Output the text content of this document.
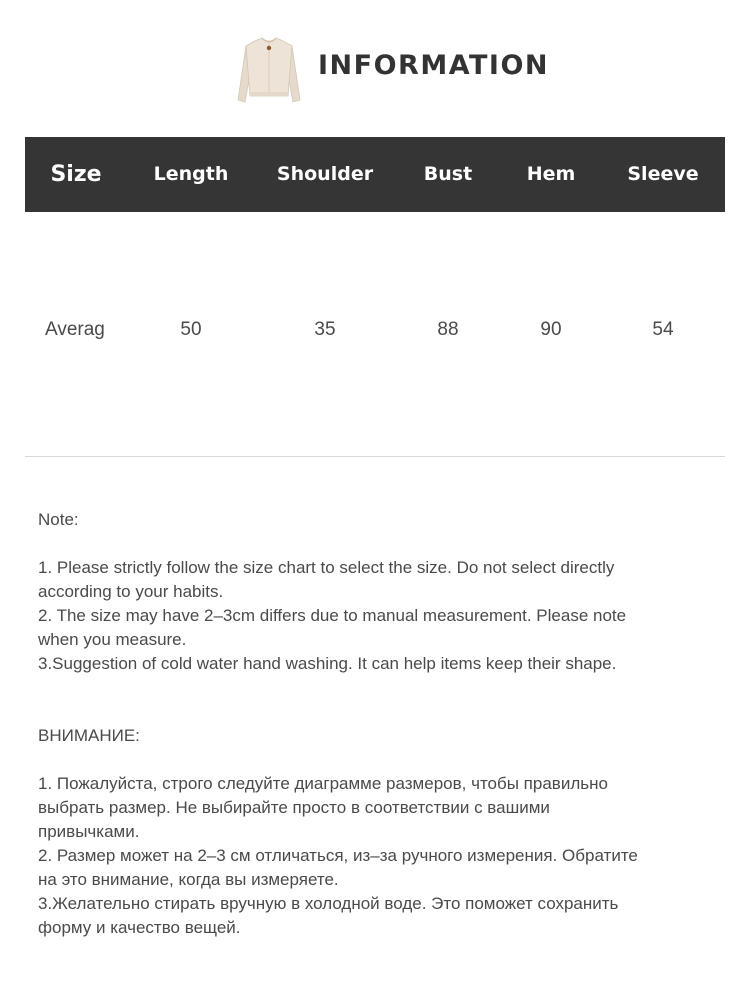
INFORMATION
Size	Length	Shoulder	Bust	Hem	Sleeve
Averag	50	35	88	90	54

Note:

1. Please strictly follow the size chart to select the size. Do not select directly

according to your habits.

2. The size may have 2–3cm differs due to manual measurement. Please note

when you measure.

3.Suggestion of cold water hand washing. It can help items keep their shape.

ВНИМАНИЕ:

1. Пожалуйста, строго следуйте диаграмме размеров, чтобы правильно

выбрать размер. Не выбирайте просто в соответствии с вашими

привычками.

2. Размер может на 2–3 см отличаться, из–за ручного измерения. Обратите

на это внимание, когда вы измеряете.

3.Желательно стирать вручную в холодной воде. Это поможет сохранить

форму и качество вещей.
